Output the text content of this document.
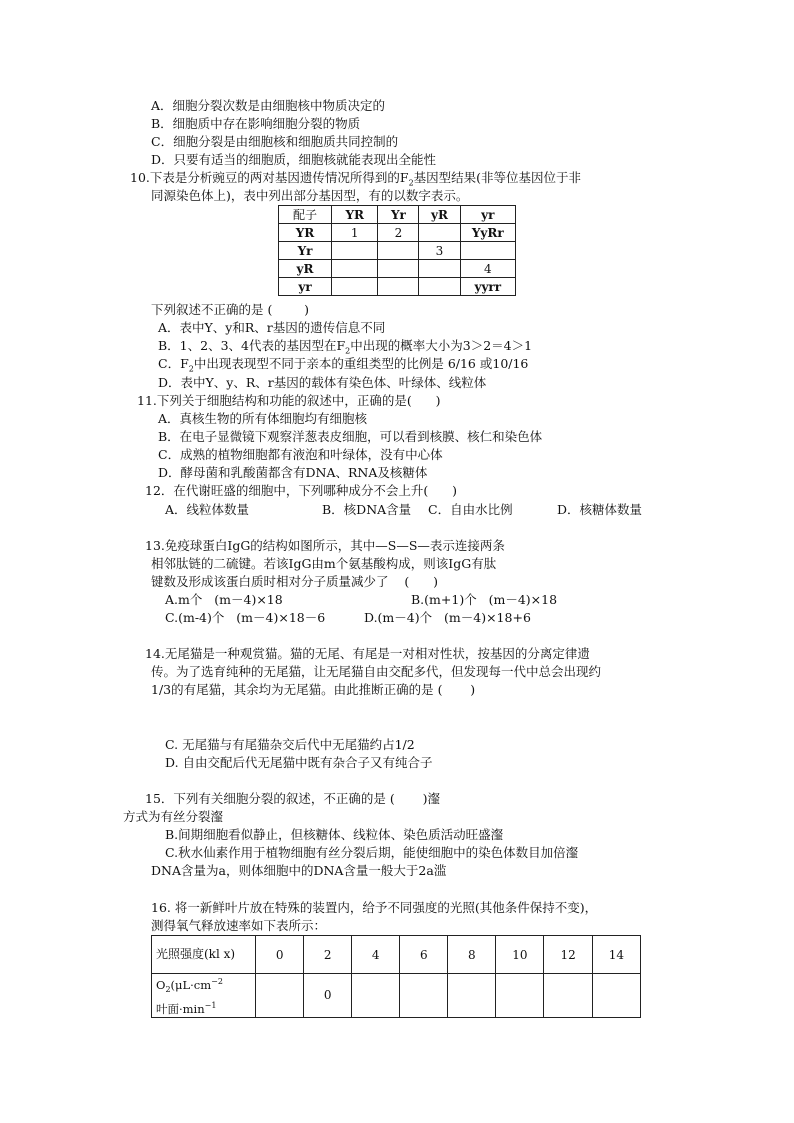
A．细胞分裂次数是由细胞核中物质决定的
B．细胞质中存在影响细胞分裂的物质
C．细胞分裂是由细胞核和细胞质共同控制的
D．只要有适当的细胞质，细胞核就能表现出全能性
10.下表是分析豌豆的两对基因遗传情况所得到的$F_2$基因型结果(非等位基因位于非
同源染色体上)，表中列出部分基因型，有的以数字表示。
配子	YR	Yr	yR	yr
YR	1	2		YyRr
Yr			3	
yR				4
yr				yyrr
下列叙述不正确的是 (        )
A．表中Y、y和R、r基因的遗传信息不同
B．1、2、3、4代表的基因型在$F_2$中出现的概率大小为3＞2＝4＞1
C．$F_2$中出现表现型不同于亲本的重组类型的比例是 6/16 或10/16
D．表中Y、y、R、r基因的载体有染色体、叶绿体、线粒体
11.下列关于细胞结构和功能的叙述中，正确的是(      )
A．真核生物的所有体细胞均有细胞核
B．在电子显微镜下观察洋葱表皮细胞，可以看到核膜、核仁和染色体
C．成熟的植物细胞都有液泡和叶绿体，没有中心体
D．酵母菌和乳酸菌都含有DNA、RNA及核糖体
12．在代谢旺盛的细胞中，下列哪种成分不会上升(      )
A．线粒体数量	B．核DNA含量 C．自由水比例	D．核糖体数量
13.免疫球蛋白ⅠgG的结构如图所示，其中—S—S—表示连接两条
相邻肽链的二硫键。若该ⅠgG由m个氨基酸构成，则该ⅠgG有肽
键数及形成该蛋白质时相对分子质量减少了    (      )
A.m个   (m－4)×18	B.(m+1)个   (m－4)×18
C.(m-4)个   (m－4)×18－6	D.(m－4)个   (m－4)×18+6
14.无尾猫是一种观赏猫。猫的无尾、有尾是一对相对性状，按基因的分离定律遗
传。为了选育纯种的无尾猫，让无尾猫自由交配多代，但发现每一代中总会出现约
1/3的有尾猫，其余均为无尾猫。由此推断正确的是 (       )
C. 无尾猫与有尾猫杂交后代中无尾猫约占1/2
D. 自由交配后代无尾猫中既有杂合子又有纯合子
15．下列有关细胞分裂的叙述，不正确的是 (       )瀣
方式为有丝分裂瀣
B.间期细胞看似静止，但核糖体、线粒体、染色质活动旺盛瀣
C.秋水仙素作用于植物细胞有丝分裂后期，能使细胞中的染色体数目加倍瀣
DNA含量为a，则体细胞中的DNA含量一般大于2a滥
16. 将一新鲜叶片放在特殊的装置内，给予不同强度的光照(其他条件保持不变)，
测得氧气释放速率如下表所示：
光照强度(kl x)	0	2	4	6	8	10	12	14
$O_2(\mu L\cdot cm^{-2}$
叶面$\cdot\min^{-1}$		0						
